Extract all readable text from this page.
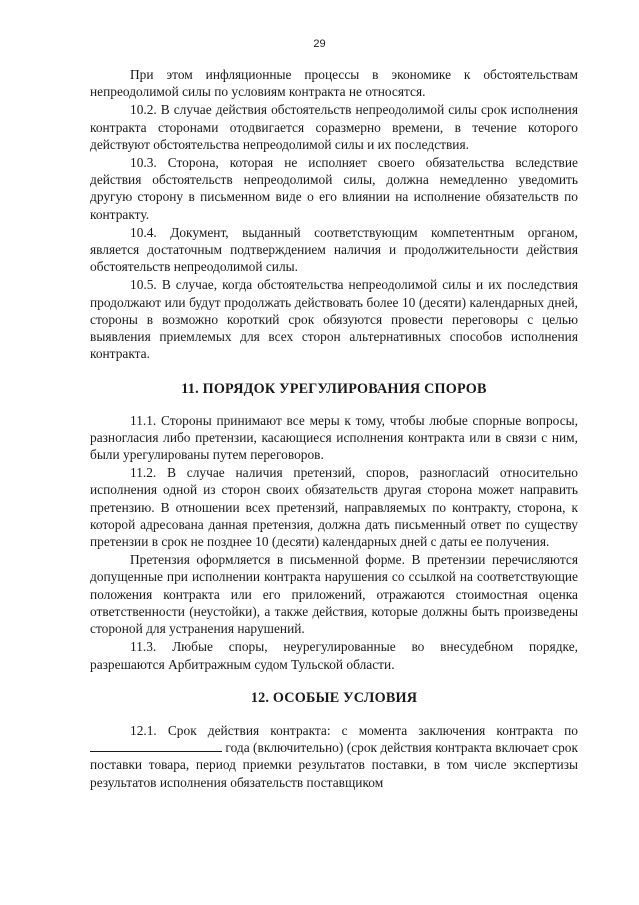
29

При этом инфляционные процессы в экономике к обстоятельствам непреодолимой силы по условиям контракта не относятся.

10.2. В случае действия обстоятельств непреодолимой силы срок исполнения контракта сторонами отодвигается соразмерно времени, в течение которого действуют обстоятельства непреодолимой силы и их последствия.

10.3. Сторона, которая не исполняет своего обязательства вследствие действия обстоятельств непреодолимой силы, должна немедленно уведомить другую сторону в письменном виде о его влиянии на исполнение обязательств по контракту.

10.4. Документ, выданный соответствующим компетентным органом, является достаточным подтверждением наличия и продолжительности действия обстоятельств непреодолимой силы.

10.5. В случае, когда обстоятельства непреодолимой силы и их последствия продолжают или будут продолжать действовать более 10 (десяти) календарных дней, стороны в возможно короткий срок обязуются провести переговоры с целью выявления приемлемых для всех сторон альтернативных способов исполнения контракта.

11. ПОРЯДОК УРЕГУЛИРОВАНИЯ СПОРОВ

11.1. Стороны принимают все меры к тому, чтобы любые спорные вопросы, разногласия либо претензии, касающиеся исполнения контракта или в связи с ним, были урегулированы путем переговоров.

11.2. В случае наличия претензий, споров, разногласий относительно исполнения одной из сторон своих обязательств другая сторона может направить претензию. В отношении всех претензий, направляемых по контракту, сторона, к которой адресована данная претензия, должна дать письменный ответ по существу претензии в срок не позднее 10 (десяти) календарных дней с даты ее получения.

Претензия оформляется в письменной форме. В претензии перечисляются допущенные при исполнении контракта нарушения со ссылкой на соответствующие положения контракта или его приложений, отражаются стоимостная оценка ответственности (неустойки), а также действия, которые должны быть произведены стороной для устранения нарушений.

11.3. Любые споры, неурегулированные во внесудебном порядке, разрешаются Арбитражным судом Тульской области.

12. ОСОБЫЕ УСЛОВИЯ

12.1. Срок действия контракта: с момента заключения контракта по  года (включительно) (срок действия контракта включает срок поставки товара, период приемки результатов поставки, в том числе экспертизы результатов исполнения обязательств поставщиком
